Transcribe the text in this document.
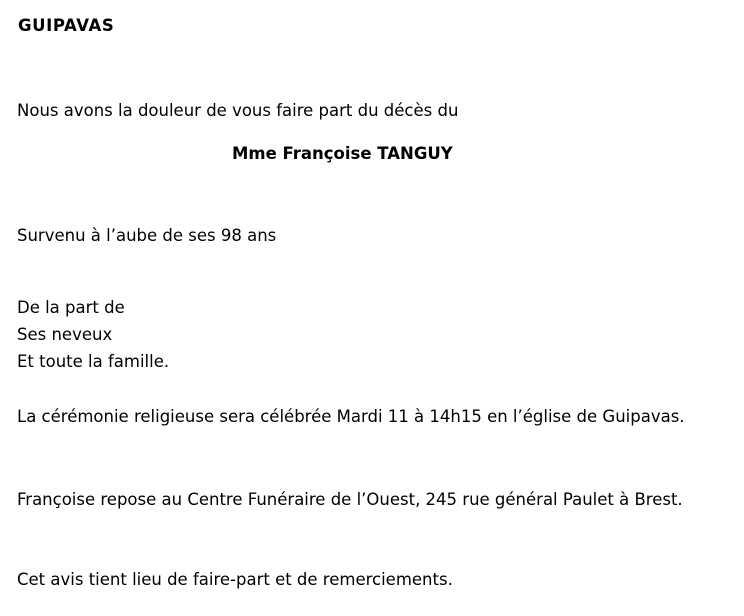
GUIPAVAS
Nous avons la douleur de vous faire part du décès du
Mme Françoise TANGUY
Survenu à l’aube de ses 98 ans
De la part de
Ses neveux
Et toute la famille.
La cérémonie religieuse sera célébrée Mardi 11 à 14h15 en l’église de Guipavas.
Françoise repose au Centre Funéraire de l’Ouest, 245 rue général Paulet à Brest.
Cet avis tient lieu de faire-part et de remerciements.
